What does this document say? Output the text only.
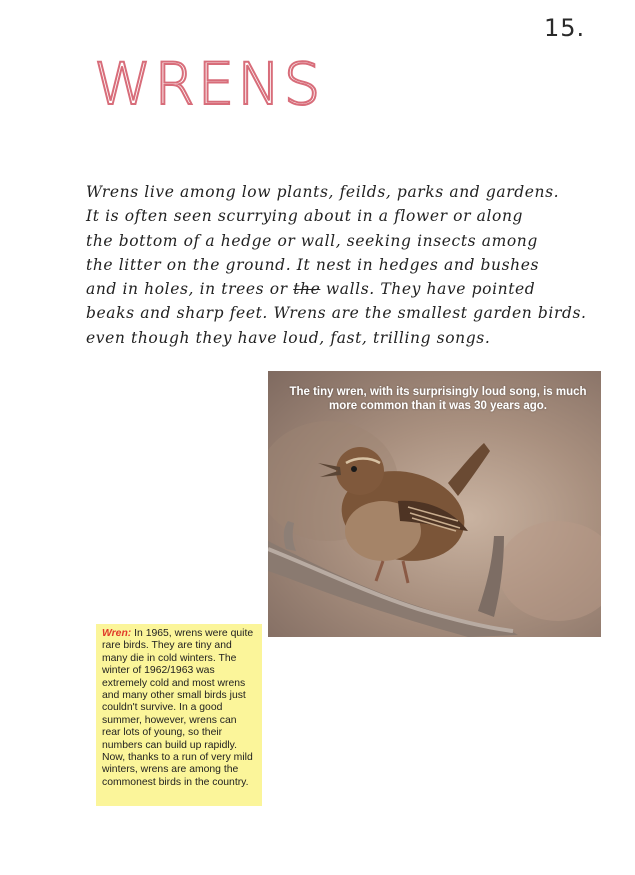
15.
WRENS
Wrens live among low plants, feilds, parks and gardens.
It is often seen scurrying about in a flower or along
the bottom of a hedge or wall, seeking insects among
the litter on the ground. It nest in hedges and bushes
and in holes, in trees or the walls. They have pointed
beaks and sharp feet. Wrens are the smallest garden birds.
even though they have loud, fast, trilling songs.
The tiny wren, with its surprisingly loud song, is much more common than it was 30 years ago.
Wren: In 1965, wrens were quite rare birds. They are tiny and many die in cold winters. The winter of 1962/1963 was extremely cold and most wrens and many other small birds just couldn't survive. In a good summer, however, wrens can rear lots of young, so their numbers can build up rapidly. Now, thanks to a run of very mild winters, wrens are among the commonest birds in the country.
